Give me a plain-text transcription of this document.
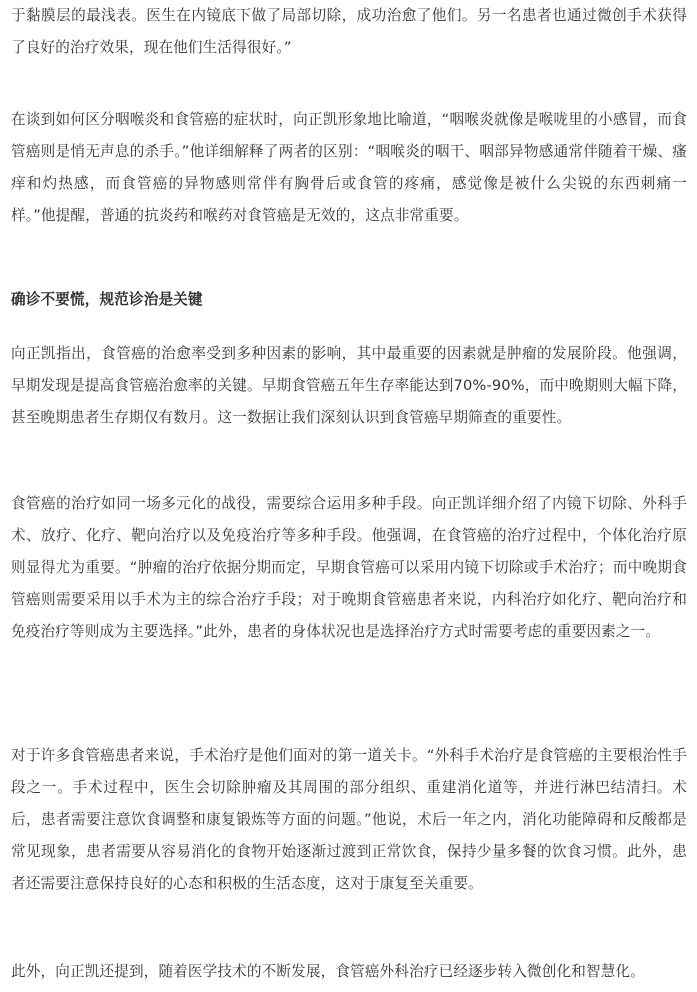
于黏膜层的最浅表。医生在内镜底下做了局部切除，成功治愈了他们。另一名患者也通过微创手术获得了良好的治疗效果，现在他们生活得很好。”

在谈到如何区分咽喉炎和食管癌的症状时，向正凯形象地比喻道，“咽喉炎就像是喉咙里的小感冒，而食管癌则是悄无声息的杀手。”他详细解释了两者的区别：“咽喉炎的咽干、咽部异物感通常伴随着干燥、瘙痒和灼热感，而食管癌的异物感则常伴有胸骨后或食管的疼痛，感觉像是被什么尖锐的东西刺痛一样。”他提醒，普通的抗炎药和喉药对食管癌是无效的，这点非常重要。

确诊不要慌，规范诊治是关键

向正凯指出，食管癌的治愈率受到多种因素的影响，其中最重要的因素就是肿瘤的发展阶段。他强调，早期发现是提高食管癌治愈率的关键。早期食管癌五年生存率能达到70%-90%，而中晚期则大幅下降，甚至晚期患者生存期仅有数月。这一数据让我们深刻认识到食管癌早期筛查的重要性。

食管癌的治疗如同一场多元化的战役，需要综合运用多种手段。向正凯详细介绍了内镜下切除、外科手术、放疗、化疗、靶向治疗以及免疫治疗等多种手段。他强调，在食管癌的治疗过程中，个体化治疗原则显得尤为重要。“肿瘤的治疗依据分期而定，早期食管癌可以采用内镜下切除或手术治疗；而中晚期食管癌则需要采用以手术为主的综合治疗手段；对于晚期食管癌患者来说，内科治疗如化疗、靶向治疗和免疫治疗等则成为主要选择。”此外，患者的身体状况也是选择治疗方式时需要考虑的重要因素之一。

对于许多食管癌患者来说，手术治疗是他们面对的第一道关卡。“外科手术治疗是食管癌的主要根治性手段之一。手术过程中，医生会切除肿瘤及其周围的部分组织、重建消化道等，并进行淋巴结清扫。术后，患者需要注意饮食调整和康复锻炼等方面的问题。”他说，术后一年之内，消化功能障碍和反酸都是常见现象，患者需要从容易消化的食物开始逐渐过渡到正常饮食，保持少量多餐的饮食习惯。此外，患者还需要注意保持良好的心态和积极的生活态度，这对于康复至关重要。

此外，向正凯还提到，随着医学技术的不断发展，食管癌外科治疗已经逐步转入微创化和智慧化。
